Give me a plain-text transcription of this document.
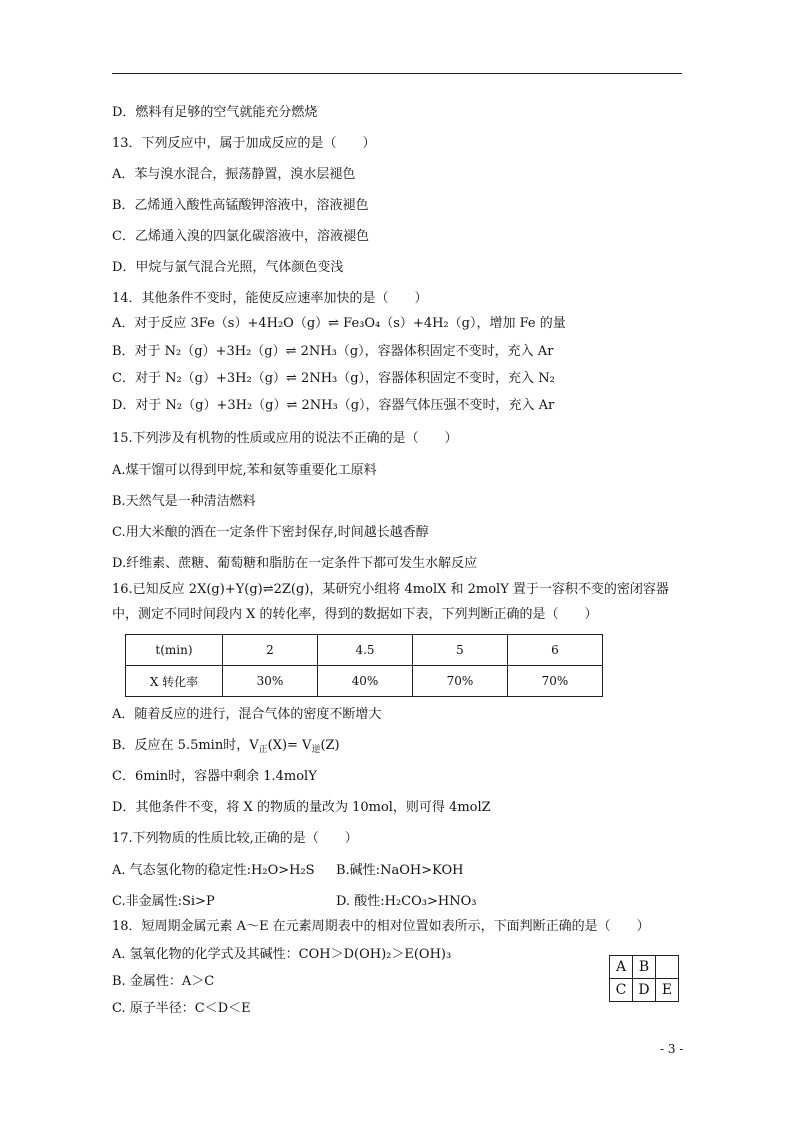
D．燃料有足够的空气就能充分燃烧
13．下列反应中，属于加成反应的是（　　）
A．苯与溴水混合，振荡静置，溴水层褪色
B．乙烯通入酸性高锰酸钾溶液中，溶液褪色
C．乙烯通入溴的四氯化碳溶液中，溶液褪色
D．甲烷与氯气混合光照，气体颜色变浅
14．其他条件不变时，能使反应速率加快的是（　　）
A．对于反应 3Fe（s）+4H₂O（g）⇌ Fe₃O₄（s）+4H₂（g），增加 Fe 的量
B．对于 N₂（g）+3H₂（g）⇌ 2NH₃（g），容器体积固定不变时，充入 Ar
C．对于 N₂（g）+3H₂（g）⇌ 2NH₃（g），容器体积固定不变时，充入 N₂
D．对于 N₂（g）+3H₂（g）⇌ 2NH₃（g），容器气体压强不变时，充入 Ar
15.下列涉及有机物的性质或应用的说法不正确的是（　　）
A.煤干馏可以得到甲烷,苯和氨等重要化工原料
B.天然气是一种清洁燃料
C.用大米酿的酒在一定条件下密封保存,时间越长越香醇
D.纤维素、蔗糖、葡萄糖和脂肪在一定条件下都可发生水解反应
16.已知反应 2X(g)+Y(g)⇌2Z(g)，某研究小组将 4molX 和 2molY 置于一容积不变的密闭容器
中，测定不同时间段内 X 的转化率，得到的数据如下表，下列判断正确的是（　　）
t(min)	2	4.5	5	6
X 转化率	30%	40%	70%	70%
A．随着反应的进行，混合气体的密度不断增大
B．反应在 5.5min时，$V_正(X)= V_逆(Z)$
C．6min时，容器中剩余 1.4molY
D．其他条件不变，将 X 的物质的量改为 10mol，则可得 4molZ
17.下列物质的性质比较,正确的是（　　）
A. 气态氢化物的稳定性:H₂O>H₂S B.碱性:NaOH>KOH
C.非金属性:Si>P	D. 酸性:H₂CO₃>HNO₃
18．短周期金属元素 A～E 在元素周期表中的相对位置如表所示，下面判断正确的是（　　）
A. 氢氧化物的化学式及其碱性：COH＞D(OH)₂＞E(OH)₃
B. 金属性：A＞C
C. 原子半径：C＜D＜E
A	B	
C	D	E
- 3 -
